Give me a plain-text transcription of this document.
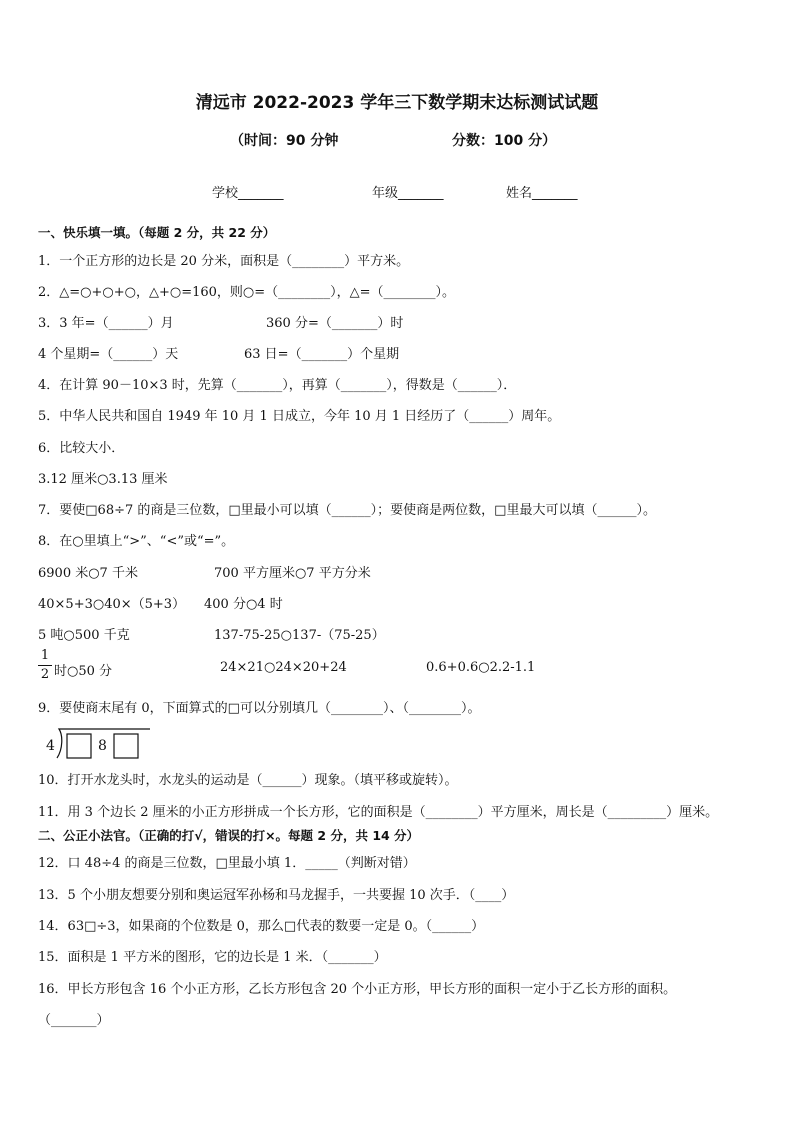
清远市 2022-2023 学年三下数学期末达标测试试题
（时间：90 分钟	分数：100 分）
学校_______	年级_______	姓名_______
一、快乐填一填。（每题 2 分，共 22 分）
1．一个正方形的边长是 20 分米，面积是（________）平方米。
2．△=○+○+○，△+○=160，则○=（________），△=（________）。
3．3 年=（______）月	360 分=（_______）时
4 个星期=（______）天	63 日=（_______）个星期
4．在计算 90－10×3 时，先算（_______），再算（_______），得数是（______）．
5．中华人民共和国自 1949 年 10 月 1 日成立，今年 10 月 1 日经历了（______）周年。
6．比较大小．
3.12 厘米○3.13 厘米
7．要使□68÷7 的商是三位数，□里最小可以填（______）；要使商是两位数，□里最大可以填（______）。
8．在○里填上“>”、“<”或“=”。
6900 米○7 千米	700 平方厘米○7 平方分米
40×5+3○40×（5+3） 400 分○4 时
5 吨○500 千克	137-75-25○137-（75-25）
1
2 时○50 分	24×21○24×20+24	0.6+0.6○2.2-1.1
9．要使商末尾有 0，下面算式的□可以分别填几（________）、（________）。
4	8
10．打开水龙头时，水龙头的运动是（______）现象。（填平移或旋转）。
11．用 3 个边长 2 厘米的小正方形拼成一个长方形，它的面积是（________）平方厘米，周长是（_________）厘米。
二、公正小法官。（正确的打√，错误的打×。每题 2 分，共 14 分）
12．口 48÷4 的商是三位数，□里最小填 1．_____（判断对错）
13．5 个小朋友想要分别和奥运冠军孙杨和马龙握手，一共要握 10 次手．（____）
14．63□÷3，如果商的个位数是 0，那么□代表的数要一定是 0。（______）
15．面积是 1 平方米的图形，它的边长是 1 米．（_______）
16．甲长方形包含 16 个小正方形，乙长方形包含 20 个小正方形，甲长方形的面积一定小于乙长方形的面积。
（_______）
